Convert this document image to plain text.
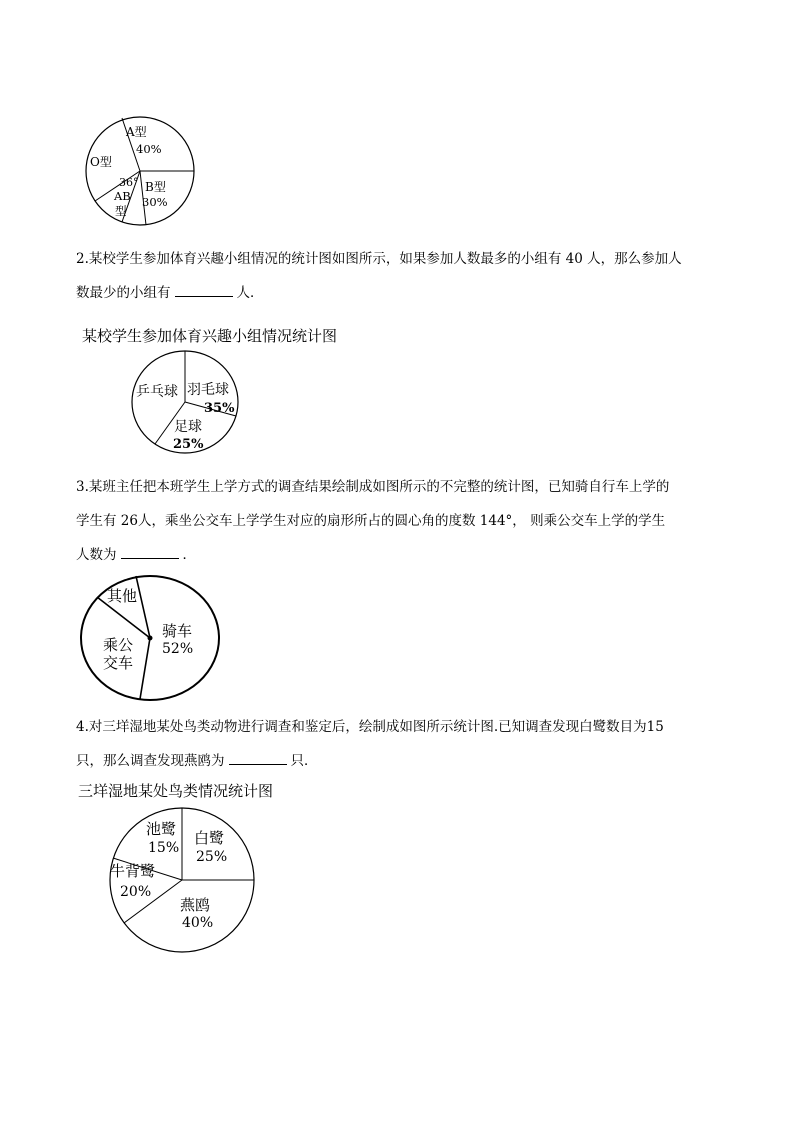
A型
40%
O型
36°
AB
型
B型
30%
2.某校学生参加体育兴趣小组情况的统计图如图所示，如果参加人数最多的小组有 40 人，那么参加人
数最少的小组有	人．
某校学生参加体育兴趣小组情况统计图
乒乓球 羽毛球
35%
足球
25%
3.某班主任把本班学生上学方式的调查结果绘制成如图所示的不完整的统计图，已知骑自行车上学的
学生有 26人，乘坐公交车上学学生对应的扇形所占的圆心角的度数 144°， 则乘公交车上学的学生
人数为	．
其他
骑车
52%
乘公
交车
4.对三垟湿地某处鸟类动物进行调查和鉴定后，绘制成如图所示统计图.已知调查发现白鹭数目为15
只，那么调查发现燕鸥为	只．
三垟湿地某处鸟类情况统计图
白鹭
25%
池鹭
15%
牛背鹭
20%
燕鸥
40%
